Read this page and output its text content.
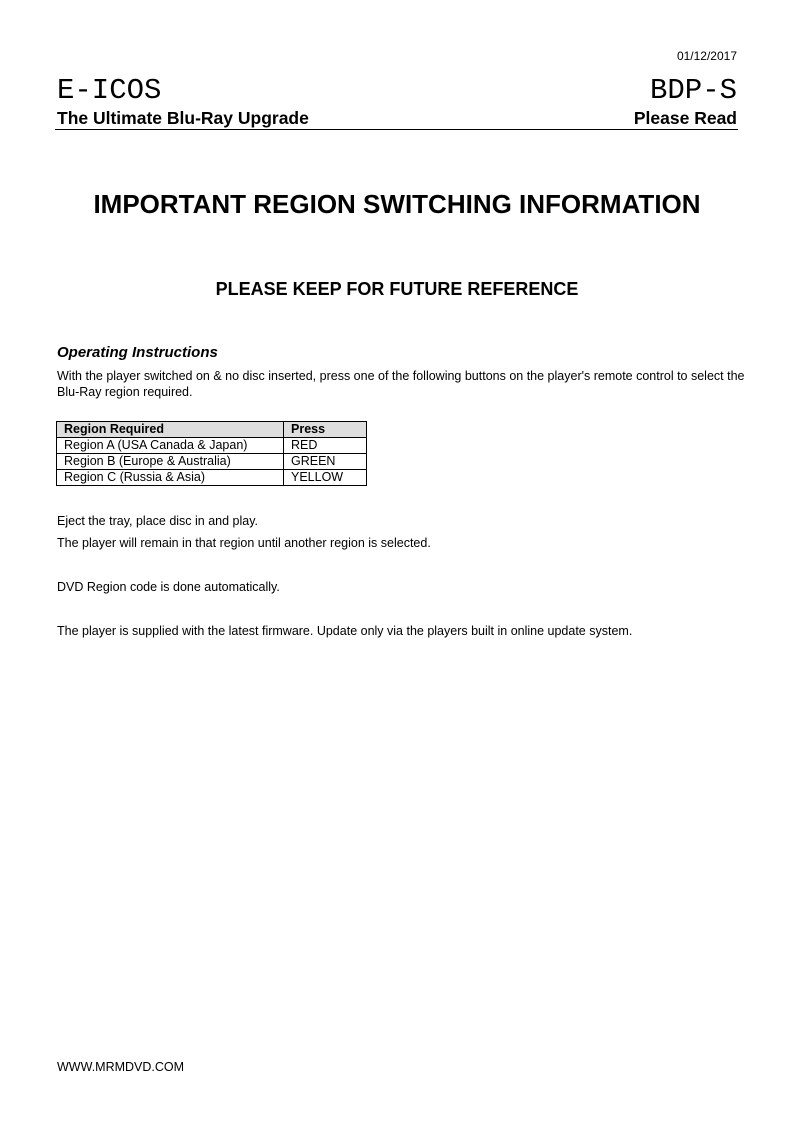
01/12/2017
E-ICOS	BDP-S
The Ultimate Blu-Ray Upgrade	Please Read
IMPORTANT REGION SWITCHING INFORMATION
PLEASE KEEP FOR FUTURE REFERENCE
Operating Instructions
With the player switched on & no disc inserted, press one of the following buttons on the player's remote control to select the Blu-Ray region required.
Region Required	Press
Region A (USA Canada & Japan)	RED
Region B (Europe & Australia)	GREEN
Region C (Russia & Asia)	YELLOW
Eject the tray, place disc in and play.
The player will remain in that region until another region is selected.
DVD Region code is done automatically.
The player is supplied with the latest firmware. Update only via the players built in online update system.
WWW.MRMDVD.COM
